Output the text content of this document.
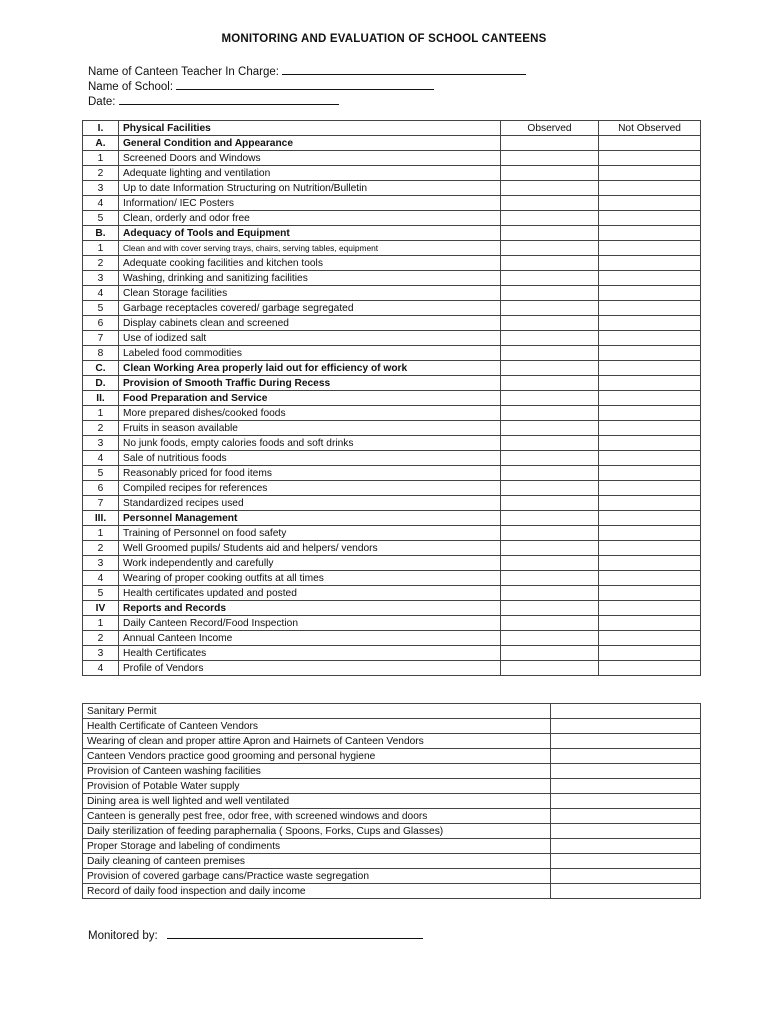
MONITORING AND EVALUATION OF SCHOOL CANTEENS
Name of Canteen Teacher In Charge:
Name of School:
Date:
I.	Physical Facilities	Observed	Not Observed
A.	General Condition and Appearance		
1	Screened Doors and Windows		
2	Adequate lighting and ventilation		
3	Up to date Information Structuring on Nutrition/Bulletin		
4	Information/ IEC Posters		
5	Clean, orderly and odor free		
B.	Adequacy of Tools and Equipment		
1	Clean and with cover serving trays, chairs, serving tables, equipment		
2	Adequate cooking facilities and kitchen tools		
3	Washing, drinking and sanitizing facilities		
4	Clean Storage facilities		
5	Garbage receptacles covered/ garbage segregated		
6	Display cabinets clean and screened		
7	Use of iodized salt		
8	Labeled food commodities		
C.	Clean Working Area properly laid out for efficiency of work		
D.	Provision of Smooth Traffic During Recess		
II.	Food Preparation and Service		
1	More prepared dishes/cooked foods		
2	Fruits in season available		
3	No junk foods, empty calories foods and soft drinks		
4	Sale of nutritious foods		
5	Reasonably priced for food items		
6	Compiled recipes for references		
7	Standardized recipes used		
III.	Personnel Management		
1	Training of Personnel on food safety		
2	Well Groomed pupils/ Students aid and helpers/ vendors		
3	Work independently and carefully		
4	Wearing of proper cooking outfits at all times		
5	Health certificates updated and posted		
IV	Reports and Records		
1	Daily Canteen Record/Food Inspection		
2	Annual Canteen Income		
3	Health Certificates		
4	Profile of Vendors		
Sanitary Permit	
Health Certificate of Canteen Vendors	
Wearing of clean and proper attire Apron and Hairnets of Canteen Vendors	
Canteen Vendors practice good grooming and personal hygiene	
Provision of Canteen washing facilities	
Provision of Potable Water supply	
Dining area is well lighted and well ventilated	
Canteen is generally pest free, odor free, with screened windows and doors	
Daily sterilization of feeding paraphernalia ( Spoons, Forks, Cups and Glasses)	
Proper Storage and labeling of condiments	
Daily cleaning of canteen premises	
Provision of covered garbage cans/Practice waste segregation	
Record of daily food inspection and daily income	
Monitored by:
